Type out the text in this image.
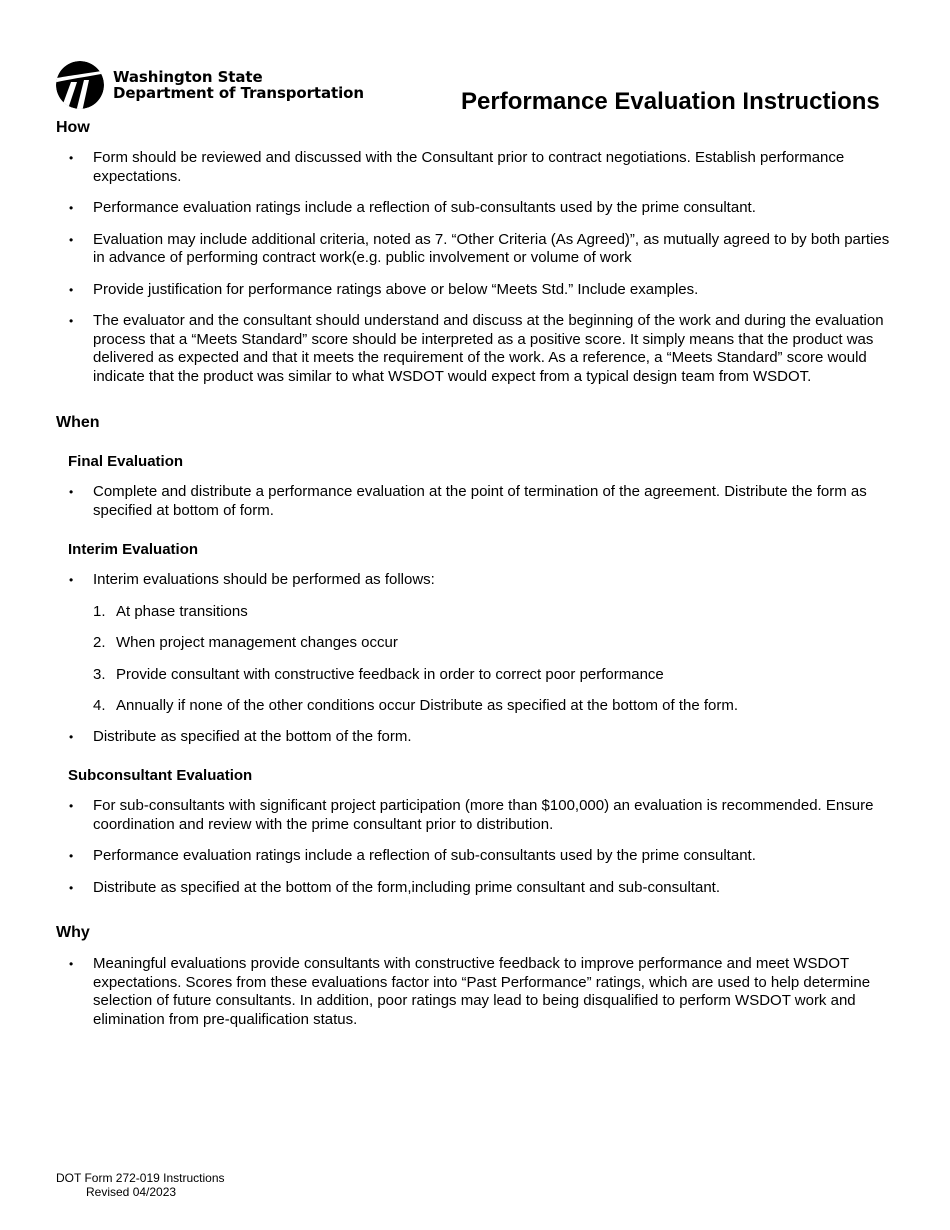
Washington State
Department of Transportation	Performance Evaluation Instructions
How
• Form should be reviewed and discussed with the Consultant prior to contract negotiations. Establish performance expectations.
• Performance evaluation ratings include a reflection of sub-consultants used by the prime consultant.
• Evaluation may include additional criteria, noted as 7. “Other Criteria (As Agreed)”, as mutually agreed to by both parties in advance of performing contract work(e.g. public involvement or volume of work
• Provide justification for performance ratings above or below “Meets Std.” Include examples.
• The evaluator and the consultant should understand and discuss at the beginning of the work and during the evaluation process that a “Meets Standard” score should be interpreted as a positive score. It simply means that the product was delivered as expected and that it meets the requirement of the work. As a reference, a “Meets Standard” score would indicate that the product was similar to what WSDOT would expect from a typical design team from WSDOT.
When
Final Evaluation
• Complete and distribute a performance evaluation at the point of termination of the agreement. Distribute the form as specified at bottom of form.
Interim Evaluation
• Interim evaluations should be performed as follows:
1. At phase transitions
2. When project management changes occur
3. Provide consultant with constructive feedback in order to correct poor performance
4. Annually if none of the other conditions occur Distribute as specified at the bottom of the form.
• Distribute as specified at the bottom of the form.
Subconsultant Evaluation
• For sub-consultants with significant project participation (more than $100,000) an evaluation is recommended. Ensure coordination and review with the prime consultant prior to distribution.
• Performance evaluation ratings include a reflection of sub-consultants used by the prime consultant.
• Distribute as specified at the bottom of the form,including prime consultant and sub-consultant.
Why
• Meaningful evaluations provide consultants with constructive feedback to improve performance and meet WSDOT expectations. Scores from these evaluations factor into “Past Performance” ratings, which are used to help determine selection of future consultants. In addition, poor ratings may lead to being disqualified to perform WSDOT work and elimination from pre-qualification status.
DOT Form 272-019 Instructions
Revised 04/2023
